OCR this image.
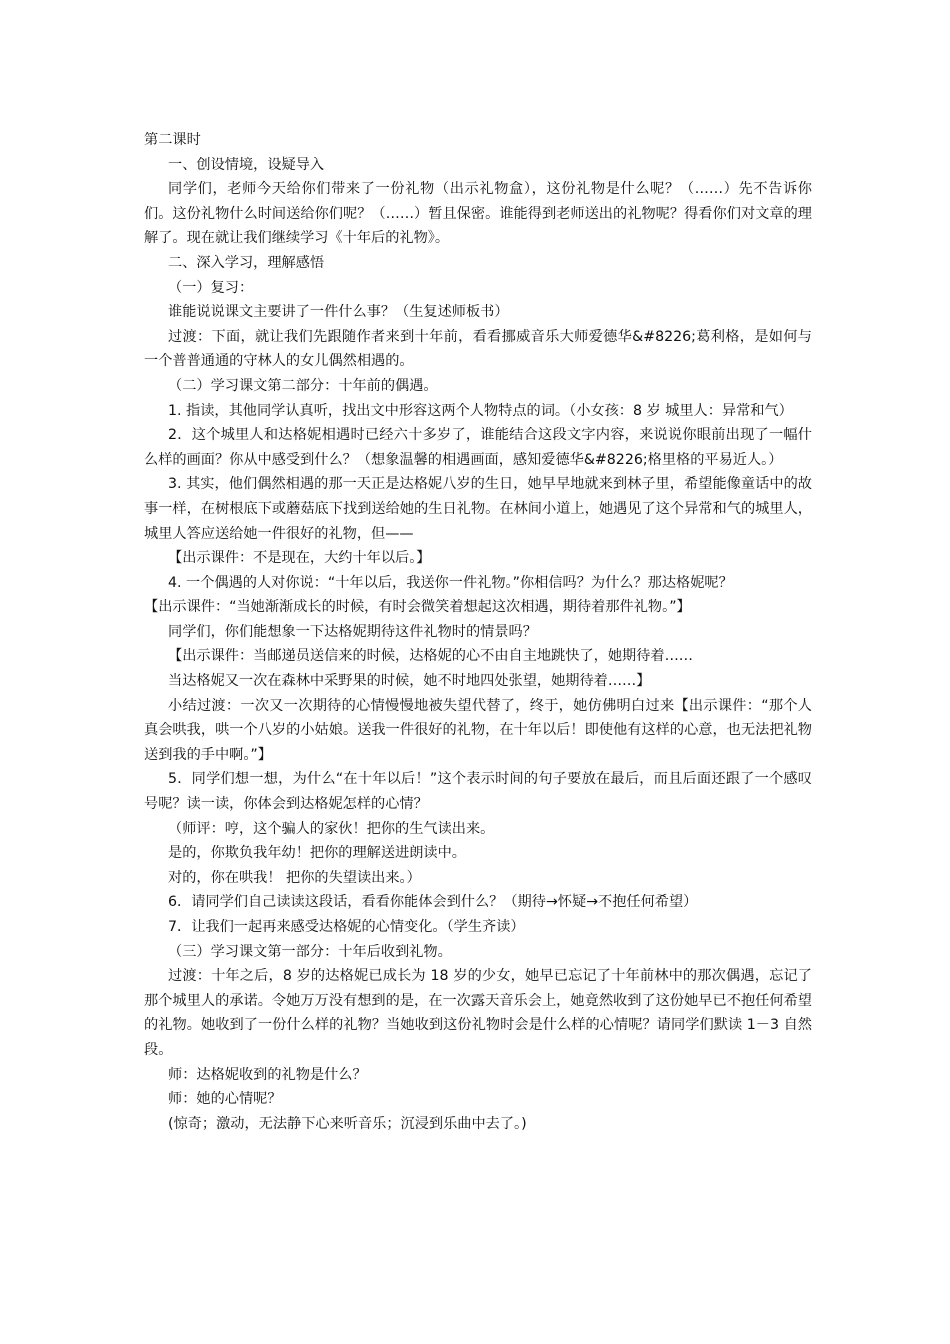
第二课时

一、创设情境，设疑导入

同学们，老师今天给你们带来了一份礼物（出示礼物盒），这份礼物是什么呢？（……）先不告诉你们。这份礼物什么时间送给你们呢？（……）暂且保密。谁能得到老师送出的礼物呢？得看你们对文章的理解了。现在就让我们继续学习《十年后的礼物》。

二、深入学习，理解感悟

（一）复习：

谁能说说课文主要讲了一件什么事？（生复述师板书）

过渡：下面，就让我们先跟随作者来到十年前，看看挪威音乐大师爱德华&#8226;葛利格，是如何与一个普普通通的守林人的女儿偶然相遇的。

（二）学习课文第二部分：十年前的偶遇。

1. 指读，其他同学认真听，找出文中形容这两个人物特点的词。（小女孩：8 岁 城里人：异常和气）

2．这个城里人和达格妮相遇时已经六十多岁了，谁能结合这段文字内容，来说说你眼前出现了一幅什么样的画面？你从中感受到什么？（想象温馨的相遇画面，感知爱德华&#8226;格里格的平易近人。）

3. 其实，他们偶然相遇的那一天正是达格妮八岁的生日，她早早地就来到林子里，希望能像童话中的故事一样，在树根底下或蘑菇底下找到送给她的生日礼物。在林间小道上，她遇见了这个异常和气的城里人，城里人答应送给她一件很好的礼物，但——

【出示课件：不是现在，大约十年以后。】

4. 一个偶遇的人对你说：“十年以后，我送你一件礼物。”你相信吗？为什么？那达格妮呢？

【出示课件：“当她渐渐成长的时候，有时会微笑着想起这次相遇，期待着那件礼物。”】

同学们，你们能想象一下达格妮期待这件礼物时的情景吗？

【出示课件：当邮递员送信来的时候，达格妮的心不由自主地跳快了，她期待着……

当达格妮又一次在森林中采野果的时候，她不时地四处张望，她期待着……】

小结过渡：一次又一次期待的心情慢慢地被失望代替了，终于，她仿佛明白过来【出示课件：“那个人真会哄我，哄一个八岁的小姑娘。送我一件很好的礼物，在十年以后！即使他有这样的心意，也无法把礼物送到我的手中啊。”】

5．同学们想一想，为什么“在十年以后！”这个表示时间的句子要放在最后，而且后面还跟了一个感叹号呢？读一读，你体会到达格妮怎样的心情？

（师评：哼，这个骗人的家伙！把你的生气读出来。

是的，你欺负我年幼！把你的理解送进朗读中。

对的，你在哄我！ 把你的失望读出来。）

6．请同学们自己读读这段话，看看你能体会到什么？（期待→怀疑→不抱任何希望）

7．让我们一起再来感受达格妮的心情变化。（学生齐读）

（三）学习课文第一部分：十年后收到礼物。

过渡：十年之后，8 岁的达格妮已成长为 18 岁的少女，她早已忘记了十年前林中的那次偶遇，忘记了那个城里人的承诺。令她万万没有想到的是，在一次露天音乐会上，她竟然收到了这份她早已不抱任何希望的礼物。她收到了一份什么样的礼物？当她收到这份礼物时会是什么样的心情呢？请同学们默读 1－3 自然段。

师：达格妮收到的礼物是什么？

师：她的心情呢？

(惊奇；激动，无法静下心来听音乐；沉浸到乐曲中去了。)
